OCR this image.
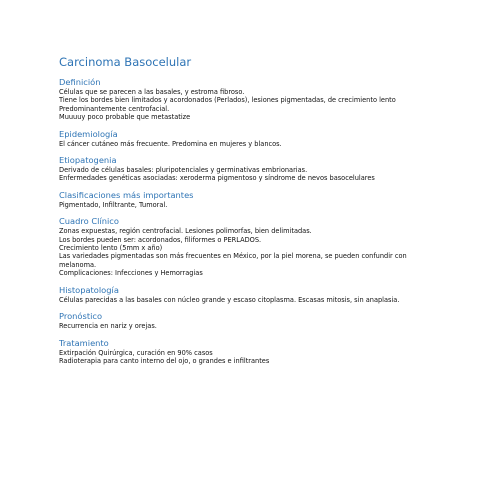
Carcinoma Basocelular
Definición
Células que se parecen a las basales, y estroma fibroso.
Tiene los bordes bien limitados y acordonados (Perlados), lesiones pigmentadas, de crecimiento lento
Predominantemente centrofacial.
Muuuuy poco probable que metastatize
Epidemiología
El cáncer cutáneo más frecuente. Predomina en mujeres y blancos.
Etiopatogenia
Derivado de células basales: pluripotenciales y germinativas embrionarias.
Enfermedades genéticas asociadas: xeroderma pigmentoso y síndrome de nevos basocelulares
Clasificaciones más importantes
Pigmentado, Infiltrante, Tumoral.
Cuadro Clínico
Zonas expuestas, región centrofacial. Lesiones polimorfas, bien delimitadas.
Los bordes pueden ser: acordonados, filiformes o PERLADOS.
Crecimiento lento (5mm x año)
Las variedades pigmentadas son más frecuentes en México, por la piel morena, se pueden confundir con
melanoma.
Complicaciones: Infecciones y Hemorragias
Histopatología
Células parecidas a las basales con núcleo grande y escaso citoplasma. Escasas mitosis, sin anaplasia.
Pronóstico
Recurrencia en nariz y orejas.
Tratamiento
Extirpación Quirúrgica, curación en 90% casos
Radioterapia para canto interno del ojo, o grandes e infiltrantes
